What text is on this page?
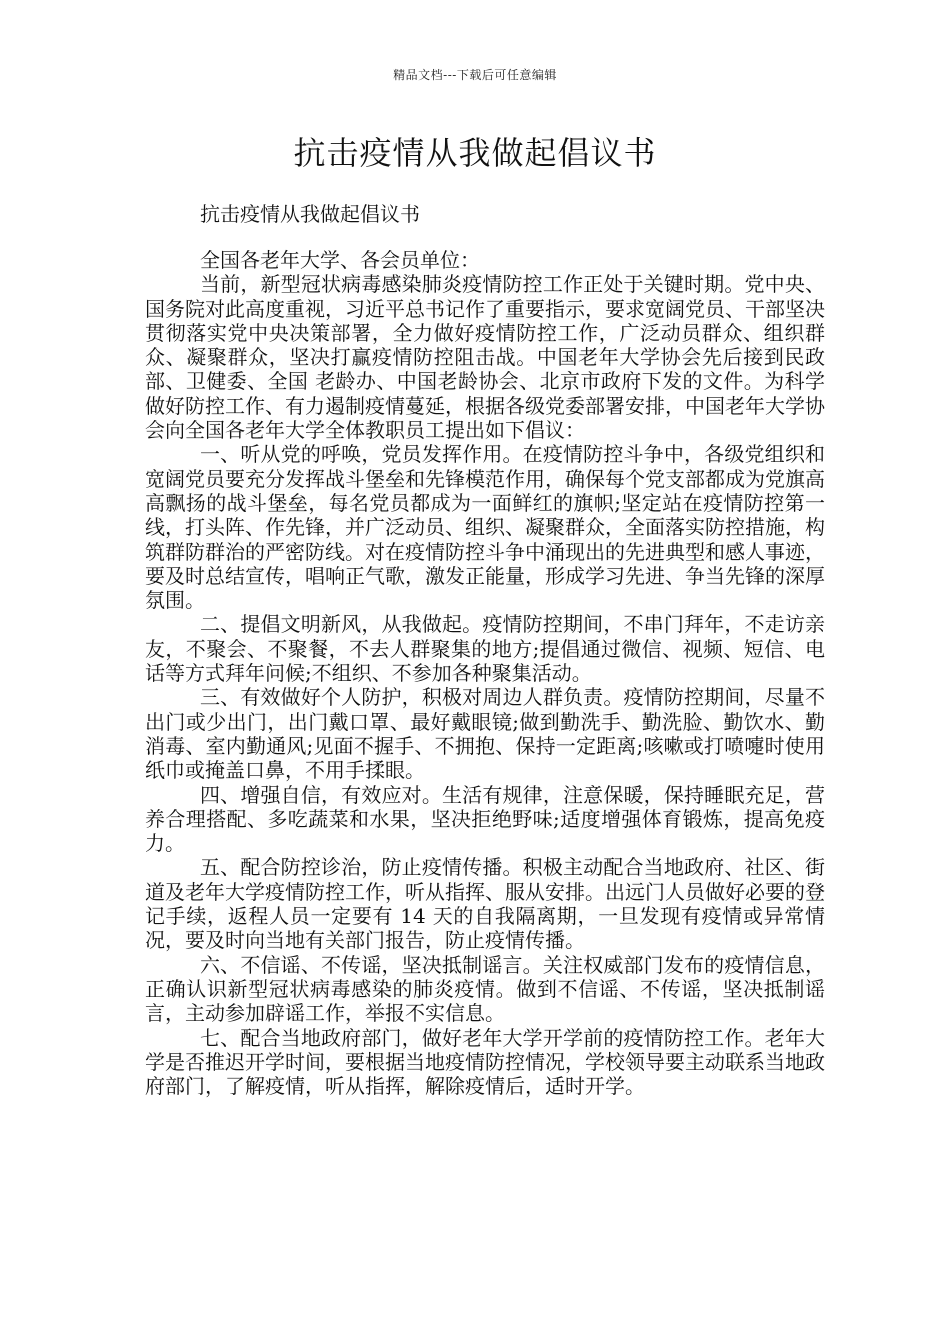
精品文档---下载后可任意编辑
抗击疫情从我做起倡议书

抗击疫情从我做起倡议书

全国各老年大学、各会员单位：

当前，新型冠状病毒感染肺炎疫情防控工作正处于关键时期。党中央、国务院对此高度重视，习近平总书记作了重要指示，要求宽阔党员、干部坚决贯彻落实党中央决策部署，全力做好疫情防控工作，广泛动员群众、组织群众、凝聚群众，坚决打赢疫情防控阻击战。中国老年大学协会先后接到民政部、卫健委、全国 老龄办、中国老龄协会、北京市政府下发的文件。为科学做好防控工作、有力遏制疫情蔓延，根据各级党委部署安排，中国老年大学协会向全国各老年大学全体教职员工提出如下倡议：

一、听从党的呼唤，党员发挥作用。在疫情防控斗争中，各级党组织和宽阔党员要充分发挥战斗堡垒和先锋模范作用，确保每个党支部都成为党旗高高飘扬的战斗堡垒，每名党员都成为一面鲜红的旗帜;坚定站在疫情防控第一线，打头阵、作先锋，并广泛动员、组织、凝聚群众，全面落实防控措施，构筑群防群治的严密防线。对在疫情防控斗争中涌现出的先进典型和感人事迹，要及时总结宣传，唱响正气歌，激发正能量，形成学习先进、争当先锋的深厚氛围。

二、提倡文明新风，从我做起。疫情防控期间，不串门拜年，不走访亲友，不聚会、不聚餐，不去人群聚集的地方;提倡通过微信、视频、短信、电话等方式拜年问候;不组织、不参加各种聚集活动。

三、有效做好个人防护，积极对周边人群负责。疫情防控期间，尽量不出门或少出门，出门戴口罩、最好戴眼镜;做到勤洗手、勤洗脸、勤饮水、勤消毒、室内勤通风;见面不握手、不拥抱、保持一定距离;咳嗽或打喷嚏时使用纸巾或掩盖口鼻，不用手揉眼。

四、增强自信，有效应对。生活有规律，注意保暖，保持睡眠充足，营养合理搭配、多吃蔬菜和水果，坚决拒绝野味;适度增强体育锻炼，提高免疫力。

五、配合防控诊治，防止疫情传播。积极主动配合当地政府、社区、街道及老年大学疫情防控工作，听从指挥、服从安排。出远门人员做好必要的登记手续，返程人员一定要有 14 天的自我隔离期，一旦发现有疫情或异常情况，要及时向当地有关部门报告，防止疫情传播。

六、不信谣、不传谣，坚决抵制谣言。关注权威部门发布的疫情信息，正确认识新型冠状病毒感染的肺炎疫情。做到不信谣、不传谣，坚决抵制谣言，主动参加辟谣工作，举报不实信息。

七、配合当地政府部门，做好老年大学开学前的疫情防控工作。老年大学是否推迟开学时间，要根据当地疫情防控情况，学校领导要主动联系当地政府部门，了解疫情，听从指挥，解除疫情后，适时开学。
